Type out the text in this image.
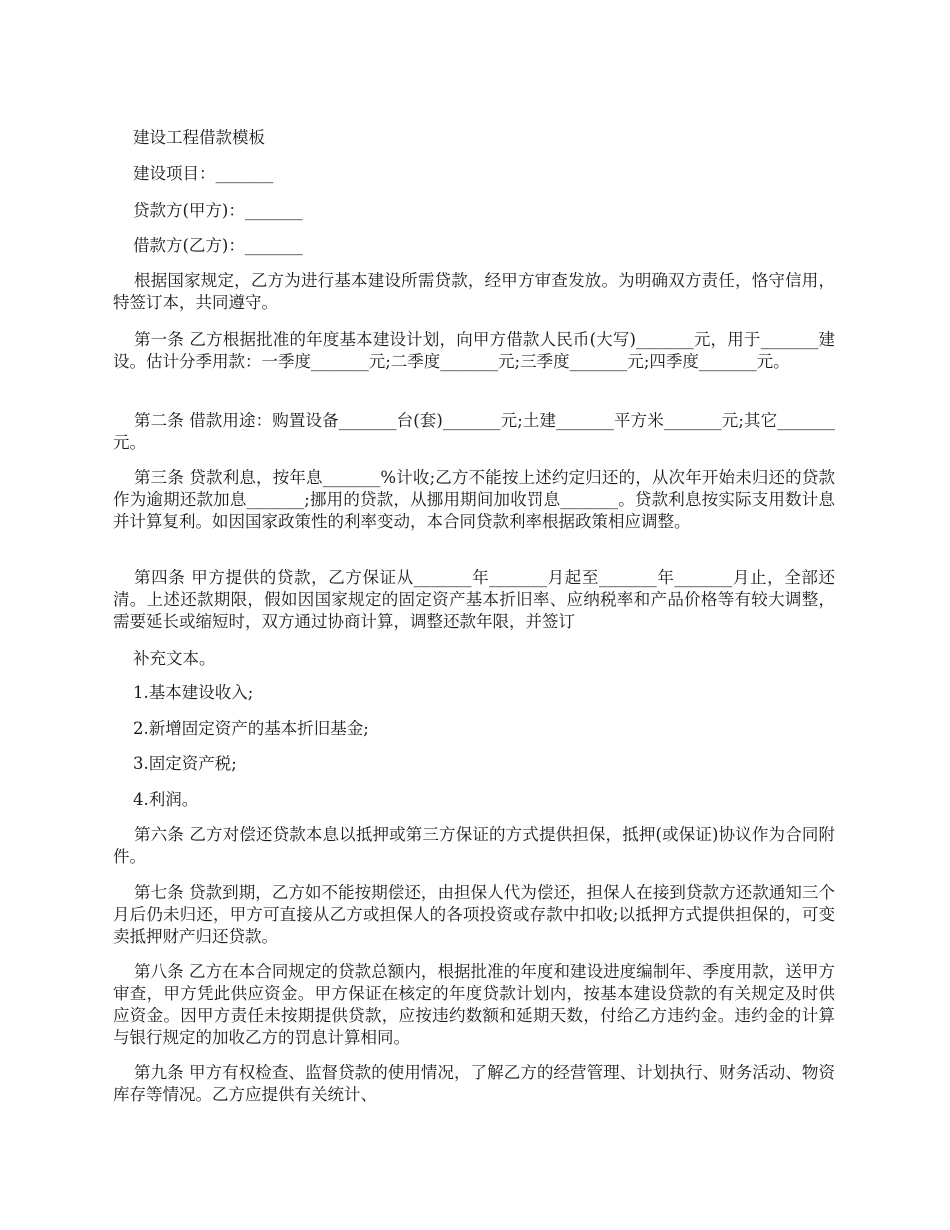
建设工程借款模板

建设项目：_______

贷款方(甲方)：_______

借款方(乙方)：_______

根据国家规定，乙方为进行基本建设所需贷款，经甲方审查发放。为明确双方责任，恪守信用，特签订本，共同遵守。

第一条 乙方根据批准的年度基本建设计划，向甲方借款人民币(大写)_______元，用于_______建设。估计分季用款：一季度_______元;二季度_______元;三季度_______元;四季度_______元。

第二条 借款用途：购置设备_______台(套)_______元;土建_______平方米_______元;其它_______元。

第三条 贷款利息，按年息_______%计收;乙方不能按上述约定归还的，从次年开始未归还的贷款作为逾期还款加息_______;挪用的贷款，从挪用期间加收罚息_______。贷款利息按实际支用数计息并计算复利。如因国家政策性的利率变动，本合同贷款利率根据政策相应调整。

第四条 甲方提供的贷款，乙方保证从_______年_______月起至_______年_______月止，全部还清。上述还款期限，假如因国家规定的固定资产基本折旧率、应纳税率和产品价格等有较大调整，需要延长或缩短时，双方通过协商计算，调整还款年限，并签订

补充文本。

1.基本建设收入;

2.新增固定资产的基本折旧基金;

3.固定资产税;

4.利润。

第六条 乙方对偿还贷款本息以抵押或第三方保证的方式提供担保，抵押(或保证)协议作为合同附件。

第七条 贷款到期，乙方如不能按期偿还，由担保人代为偿还，担保人在接到贷款方还款通知三个月后仍未归还，甲方可直接从乙方或担保人的各项投资或存款中扣收;以抵押方式提供担保的，可变卖抵押财产归还贷款。

第八条 乙方在本合同规定的贷款总额内，根据批准的年度和建设进度编制年、季度用款，送甲方审查，甲方凭此供应资金。甲方保证在核定的年度贷款计划内，按基本建设贷款的有关规定及时供应资金。因甲方责任未按期提供贷款，应按违约数额和延期天数，付给乙方违约金。违约金的计算与银行规定的加收乙方的罚息计算相同。

第九条 甲方有权检查、监督贷款的使用情况，了解乙方的经营管理、计划执行、财务活动、物资库存等情况。乙方应提供有关统计、
